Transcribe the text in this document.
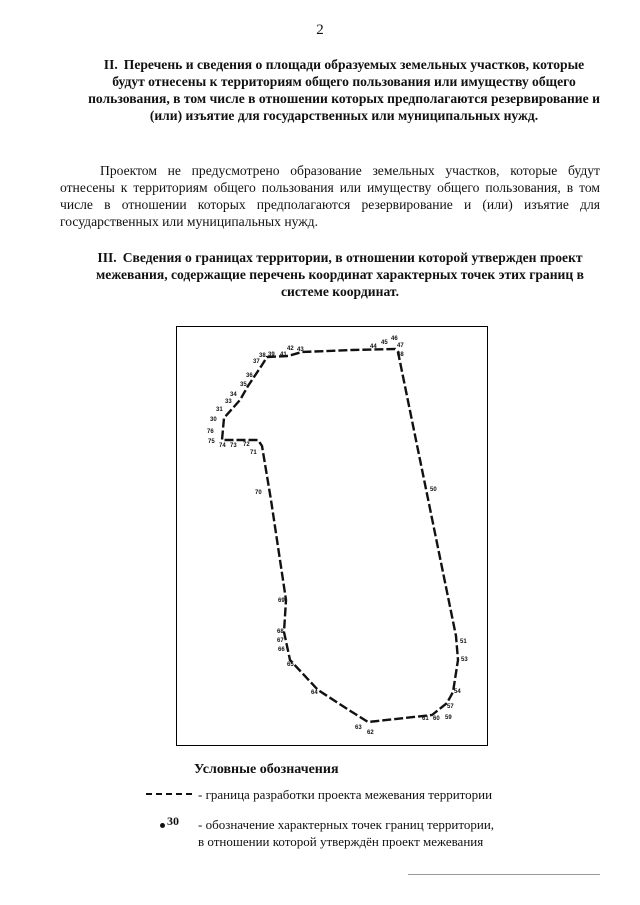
2
II. Перечень и сведения о площади образуемых земельных участков, которые будут отнесены к территориям общего пользования или имуществу общего пользования, в том числе в отношении которых предполагаются резервирование и (или) изъятие для государственных или муниципальных нужд.
Проектом не предусмотрено образование земельных участков, которые будут отнесены к территориям общего пользования или имуществу общего пользования, в том числе в отношении которых предполагаются резервирование и (или) изъятие для государственных или муниципальных нужд.
III. Сведения о границах территории, в отношении которой утвержден проект межевания, содержащие перечень координат характерных точек этих границ в системе координат.
30
31
33
34
35
36
37
38 39 41
42 43	44
45
46
47
48
50
51
53
54
57
59
60
61
62
63
64
65
66
67
68
69
70
71
72
73
74
75
76
Условные обозначения
- граница разработки проекта межевания территории
30 - обозначение характерных точек границ территории,
в отношении которой утверждён проект межевания
